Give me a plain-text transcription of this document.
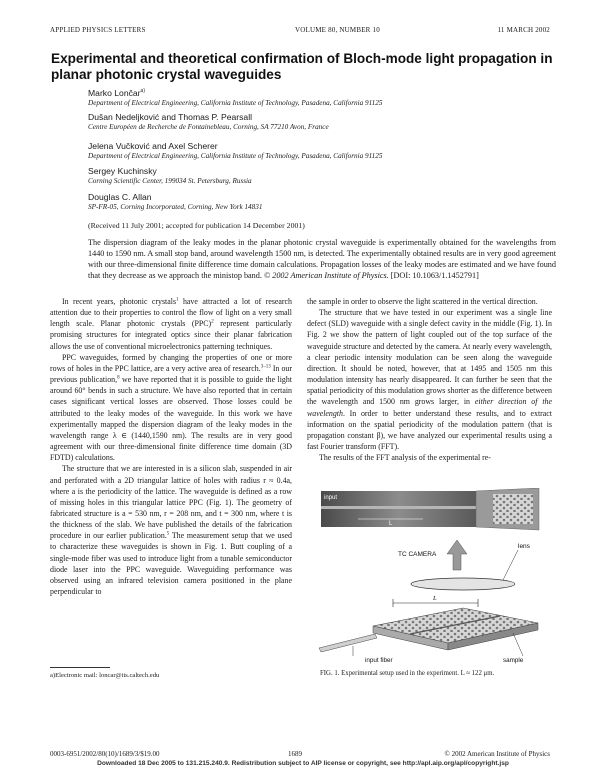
APPLIED PHYSICS LETTERS	VOLUME 80, NUMBER 10	11 MARCH 2002
Experimental and theoretical confirmation of Bloch-mode light propagation in planar photonic crystal waveguides
Marko Lončar$^{a)}$
Department of Electrical Engineering, California Institute of Technology, Pasadena, California 91125
Dušan Nedeljković and Thomas P. Pearsall
Centre Européen de Recherche de Fontainebleau, Corning, SA 77210 Avon, France
Jelena Vučković and Axel Scherer
Department of Electrical Engineering, California Institute of Technology, Pasadena, California 91125
Sergey Kuchinsky
Corning Scientific Center, 199034 St. Petersburg, Russia
Douglas C. Allan
SP-FR-05, Corning Incorporated, Corning, New York 14831
(Received 11 July 2001; accepted for publication 14 December 2001)
The dispersion diagram of the leaky modes in the planar photonic crystal waveguide is experimentally obtained for the wavelengths from 1440 to 1590 nm. A small stop band, around wavelength 1500 nm, is detected. The experimentally obtained results are in very good agreement with our three-dimensional finite difference time domain calculations. Propagation losses of the leaky modes are estimated and we have found that they decrease as we approach the ministop band. © 2002 American Institute of Physics. [DOI: 10.1063/1.1452791]

In recent years, photonic crystals$^1$ have attracted a lot of research attention due to their properties to control the flow of light on a very small length scale. Planar photonic crystals (PPC)$^2$ represent particularly promising structures for integrated optics since their planar fabrication allows the use of conventional microelectronics patterning techniques.

PPC waveguides, formed by changing the properties of one or more rows of holes in the PPC lattice, are a very active area of research.$^{3-13}$ In our previous publication,$^8$ we have reported that it is possible to guide the light around 60° bends in such a structure. We have also reported that in certain cases significant vertical losses are observed. Those losses could be attributed to the leaky modes of the waveguide. In this work we have experimentally mapped the dispersion diagram of the leaky modes in the wavelength range λ ∈ (1440,1590 nm). The results are in very good agreement with our three-dimensional finite difference time domain (3D FDTD) calculations.

The structure that we are interested in is a silicon slab, suspended in air and perforated with a 2D triangular lattice of holes with radius r ≈ 0.4a, where a is the periodicity of the lattice. The waveguide is defined as a row of missing holes in this triangular lattice PPC (Fig. 1). The geometry of fabricated structure is a = 530 nm, r = 208 nm, and t = 300 nm, where t is the thickness of the slab. We have published the details of the fabrication procedure in our earlier publication.$^5$ The measurement setup that we used to characterize these waveguides is shown in Fig. 1. Butt coupling of a single-mode fiber was used to introduce light from a tunable semiconductor diode laser into the PPC waveguide. Waveguiding performance was observed using an infrared television camera positioned in the plane perpendicular to

the sample in order to observe the light scattered in the vertical direction.

The structure that we have tested in our experiment was a single line defect (SLD) waveguide with a single defect cavity in the middle (Fig. 1). In Fig. 2 we show the pattern of light coupled out of the top surface of the waveguide structure and detected by the camera. At nearly every wavelength, a clear periodic intensity modulation can be seen along the waveguide direction. It should be noted, however, that at 1495 and 1505 nm this modulation intensity has nearly disappeared. It can further be seen that the spatial periodicity of this modulation grows shorter as the difference between the wavelength and 1500 nm grows larger, in either direction of the wavelength. In order to better understand these results, and to extract information on the spatial periodicity of the modulation pattern (that is propagation constant β), we have analyzed our experimental results using a fast Fourier transform (FFT).

The results of the FFT analysis of the experimental re-

input
L
TC CAMERA
lens
L
input fiber	sample
FIG. 1. Experimental setup used in the experiment. L ≈ 122 μm.
a)Electronic mail: loncar@its.caltech.edu
0003-6951/2002/80(10)/1689/3/$19.00	1689	© 2002 American Institute of Physics
Downloaded 18 Dec 2005 to 131.215.240.9. Redistribution subject to AIP license or copyright, see http://apl.aip.org/apl/copyright.jsp
